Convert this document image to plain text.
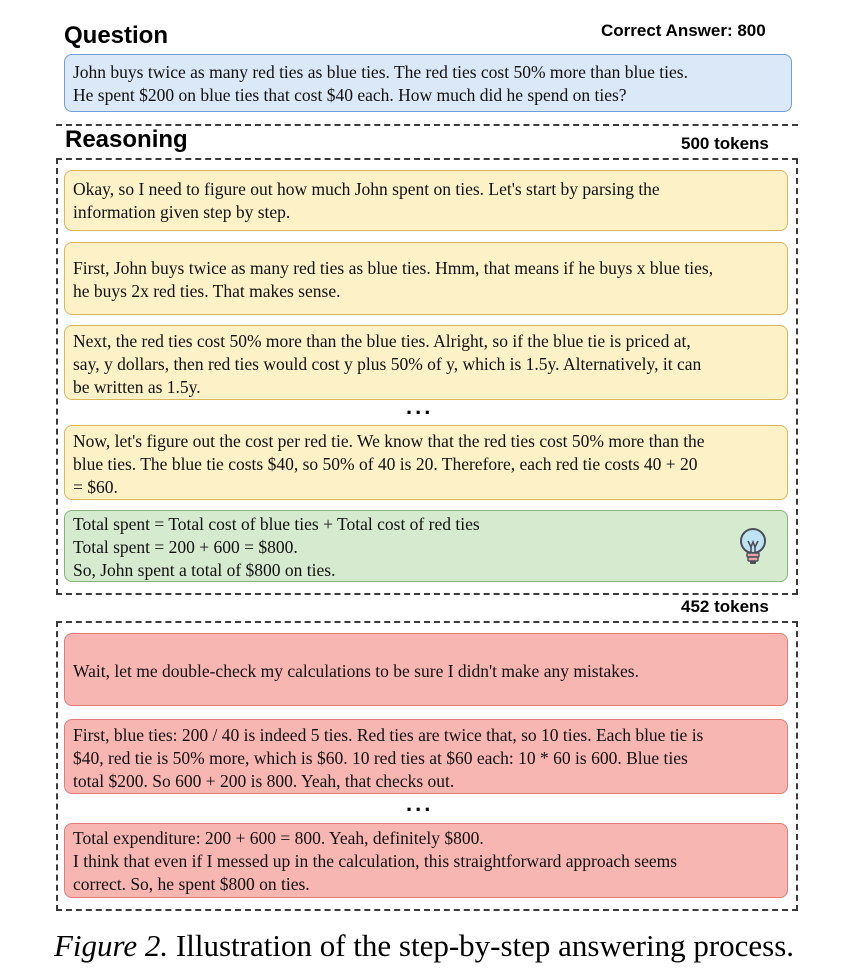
Question	Correct Answer: 800
John buys twice as many red ties as blue ties. The red ties cost 50% more than blue ties.
He spent $200 on blue ties that cost $40 each. How much did he spend on ties?
Reasoning	500 tokens
Okay, so I need to figure out how much John spent on ties. Let's start by parsing the
information given step by step.
First, John buys twice as many red ties as blue ties. Hmm, that means if he buys x blue ties,
he buys 2x red ties. That makes sense.
Next, the red ties cost 50% more than the blue ties. Alright, so if the blue tie is priced at,
say, y dollars, then red ties would cost y plus 50% of y, which is 1.5y. Alternatively, it can
be written as 1.5y.
...
Now, let's figure out the cost per red tie. We know that the red ties cost 50% more than the
blue ties. The blue tie costs $40, so 50% of 40 is 20. Therefore, each red tie costs 40 + 20
= $60.
Total spent = Total cost of blue ties + Total cost of red ties
Total spent = 200 + 600 = $800.
So, John spent a total of $800 on ties.
452 tokens
Wait, let me double-check my calculations to be sure I didn't make any mistakes.
First, blue ties: 200 / 40 is indeed 5 ties. Red ties are twice that, so 10 ties. Each blue tie is
$40, red tie is 50% more, which is $60. 10 red ties at $60 each: 10 * 60 is 600. Blue ties
total $200. So 600 + 200 is 800. Yeah, that checks out.
...
Total expenditure: 200 + 600 = 800. Yeah, definitely $800.
I think that even if I messed up in the calculation, this straightforward approach seems
correct. So, he spent $800 on ties.
Figure 2. Illustration of the step-by-step answering process.
